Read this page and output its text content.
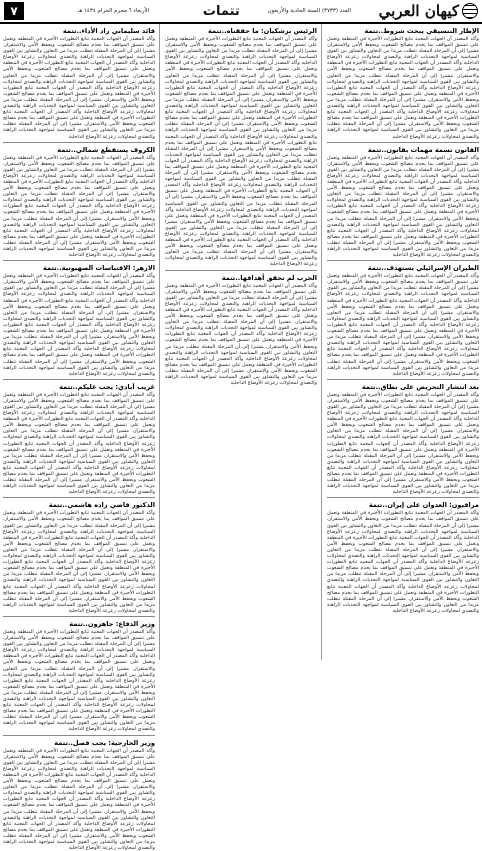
كيهان العربي
العدد (۳۷۳۳) السنة الحادية والأربعون
تتمات
الأربعاء ٦ محرم الحرام ١٤٣٤ هـ
۷
الإطار التنسيقي يبحث شروط..تتمة

وأكد المصدر أن الجهات المعنية تتابع التطورات الأخيرة في المنطقة وتعمل على تنسيق المواقف بما يخدم مصالح الشعوب ويحفظ الأمن والاستقرار، مشيرا إلى أن المرحلة المقبلة تتطلب مزيدا من التعاون والتشاور بين القوى السياسية لمواجهة التحديات الراهنة والتصدي لمحاولات زعزعة الأوضاع الداخلية وأكد المصدر أن الجهات المعنية تتابع التطورات الأخيرة في المنطقة وتعمل على تنسيق المواقف بما يخدم مصالح الشعوب ويحفظ الأمن والاستقرار، مشيرا إلى أن المرحلة المقبلة تتطلب مزيدا من التعاون والتشاور بين القوى السياسية لمواجهة التحديات الراهنة والتصدي لمحاولات زعزعة الأوضاع الداخلية وأكد المصدر أن الجهات المعنية تتابع التطورات الأخيرة في المنطقة وتعمل على تنسيق المواقف بما يخدم مصالح الشعوب ويحفظ الأمن والاستقرار، مشيرا إلى أن المرحلة المقبلة تتطلب مزيدا من التعاون والتشاور بين القوى السياسية لمواجهة التحديات الراهنة والتصدي لمحاولات زعزعة الأوضاع الداخلية وأكد المصدر أن الجهات المعنية تتابع التطورات الأخيرة في المنطقة وتعمل على تنسيق المواقف بما يخدم مصالح الشعوب ويحفظ الأمن والاستقرار، مشيرا إلى أن المرحلة المقبلة تتطلب مزيدا من التعاون والتشاور بين القوى السياسية لمواجهة التحديات الراهنة والتصدي لمحاولات زعزعة الأوضاع الداخلية

القانون تسمة مهمات بقانون..تتمة

وأكد المصدر أن الجهات المعنية تتابع التطورات الأخيرة في المنطقة وتعمل على تنسيق المواقف بما يخدم مصالح الشعوب ويحفظ الأمن والاستقرار، مشيرا إلى أن المرحلة المقبلة تتطلب مزيدا من التعاون والتشاور بين القوى السياسية لمواجهة التحديات الراهنة والتصدي لمحاولات زعزعة الأوضاع الداخلية وأكد المصدر أن الجهات المعنية تتابع التطورات الأخيرة في المنطقة وتعمل على تنسيق المواقف بما يخدم مصالح الشعوب ويحفظ الأمن والاستقرار، مشيرا إلى أن المرحلة المقبلة تتطلب مزيدا من التعاون والتشاور بين القوى السياسية لمواجهة التحديات الراهنة والتصدي لمحاولات زعزعة الأوضاع الداخلية وأكد المصدر أن الجهات المعنية تتابع التطورات الأخيرة في المنطقة وتعمل على تنسيق المواقف بما يخدم مصالح الشعوب ويحفظ الأمن والاستقرار، مشيرا إلى أن المرحلة المقبلة تتطلب مزيدا من التعاون والتشاور بين القوى السياسية لمواجهة التحديات الراهنة والتصدي لمحاولات زعزعة الأوضاع الداخلية وأكد المصدر أن الجهات المعنية تتابع التطورات الأخيرة في المنطقة وتعمل على تنسيق المواقف بما يخدم مصالح الشعوب ويحفظ الأمن والاستقرار، مشيرا إلى أن المرحلة المقبلة تتطلب مزيدا من التعاون والتشاور بين القوى السياسية لمواجهة التحديات الراهنة والتصدي لمحاولات زعزعة الأوضاع الداخلية

الطيران الإسرائيلي يستهدف..تتمة

وأكد المصدر أن الجهات المعنية تتابع التطورات الأخيرة في المنطقة وتعمل على تنسيق المواقف بما يخدم مصالح الشعوب ويحفظ الأمن والاستقرار، مشيرا إلى أن المرحلة المقبلة تتطلب مزيدا من التعاون والتشاور بين القوى السياسية لمواجهة التحديات الراهنة والتصدي لمحاولات زعزعة الأوضاع الداخلية وأكد المصدر أن الجهات المعنية تتابع التطورات الأخيرة في المنطقة وتعمل على تنسيق المواقف بما يخدم مصالح الشعوب ويحفظ الأمن والاستقرار، مشيرا إلى أن المرحلة المقبلة تتطلب مزيدا من التعاون والتشاور بين القوى السياسية لمواجهة التحديات الراهنة والتصدي لمحاولات زعزعة الأوضاع الداخلية وأكد المصدر أن الجهات المعنية تتابع التطورات الأخيرة في المنطقة وتعمل على تنسيق المواقف بما يخدم مصالح الشعوب ويحفظ الأمن والاستقرار، مشيرا إلى أن المرحلة المقبلة تتطلب مزيدا من التعاون والتشاور بين القوى السياسية لمواجهة التحديات الراهنة والتصدي لمحاولات زعزعة الأوضاع الداخلية وأكد المصدر أن الجهات المعنية تتابع التطورات الأخيرة في المنطقة وتعمل على تنسيق المواقف بما يخدم مصالح الشعوب ويحفظ الأمن والاستقرار، مشيرا إلى أن المرحلة المقبلة تتطلب مزيدا من التعاون والتشاور بين القوى السياسية لمواجهة التحديات الراهنة والتصدي لمحاولات زعزعة الأوضاع الداخلية

بعد انتشار التحريض على نطاق..تتمة

وأكد المصدر أن الجهات المعنية تتابع التطورات الأخيرة في المنطقة وتعمل على تنسيق المواقف بما يخدم مصالح الشعوب ويحفظ الأمن والاستقرار، مشيرا إلى أن المرحلة المقبلة تتطلب مزيدا من التعاون والتشاور بين القوى السياسية لمواجهة التحديات الراهنة والتصدي لمحاولات زعزعة الأوضاع الداخلية وأكد المصدر أن الجهات المعنية تتابع التطورات الأخيرة في المنطقة وتعمل على تنسيق المواقف بما يخدم مصالح الشعوب ويحفظ الأمن والاستقرار، مشيرا إلى أن المرحلة المقبلة تتطلب مزيدا من التعاون والتشاور بين القوى السياسية لمواجهة التحديات الراهنة والتصدي لمحاولات زعزعة الأوضاع الداخلية وأكد المصدر أن الجهات المعنية تتابع التطورات الأخيرة في المنطقة وتعمل على تنسيق المواقف بما يخدم مصالح الشعوب ويحفظ الأمن والاستقرار، مشيرا إلى أن المرحلة المقبلة تتطلب مزيدا من التعاون والتشاور بين القوى السياسية لمواجهة التحديات الراهنة والتصدي لمحاولات زعزعة الأوضاع الداخلية وأكد المصدر أن الجهات المعنية تتابع التطورات الأخيرة في المنطقة وتعمل على تنسيق المواقف بما يخدم مصالح الشعوب ويحفظ الأمن والاستقرار، مشيرا إلى أن المرحلة المقبلة تتطلب مزيدا من التعاون والتشاور بين القوى السياسية لمواجهة التحديات الراهنة والتصدي لمحاولات زعزعة الأوضاع الداخلية

مراقبون: العدوان على إيران..تتمة

وأكد المصدر أن الجهات المعنية تتابع التطورات الأخيرة في المنطقة وتعمل على تنسيق المواقف بما يخدم مصالح الشعوب ويحفظ الأمن والاستقرار، مشيرا إلى أن المرحلة المقبلة تتطلب مزيدا من التعاون والتشاور بين القوى السياسية لمواجهة التحديات الراهنة والتصدي لمحاولات زعزعة الأوضاع الداخلية وأكد المصدر أن الجهات المعنية تتابع التطورات الأخيرة في المنطقة وتعمل على تنسيق المواقف بما يخدم مصالح الشعوب ويحفظ الأمن والاستقرار، مشيرا إلى أن المرحلة المقبلة تتطلب مزيدا من التعاون والتشاور بين القوى السياسية لمواجهة التحديات الراهنة والتصدي لمحاولات زعزعة الأوضاع الداخلية وأكد المصدر أن الجهات المعنية تتابع التطورات الأخيرة في المنطقة وتعمل على تنسيق المواقف بما يخدم مصالح الشعوب ويحفظ الأمن والاستقرار، مشيرا إلى أن المرحلة المقبلة تتطلب مزيدا من التعاون والتشاور بين القوى السياسية لمواجهة التحديات الراهنة والتصدي لمحاولات زعزعة الأوضاع الداخلية وأكد المصدر أن الجهات المعنية تتابع التطورات الأخيرة في المنطقة وتعمل على تنسيق المواقف بما يخدم مصالح الشعوب ويحفظ الأمن والاستقرار، مشيرا إلى أن المرحلة المقبلة تتطلب مزيدا من التعاون والتشاور بين القوى السياسية لمواجهة التحديات الراهنة والتصدي لمحاولات زعزعة الأوضاع الداخلية

الرئيس بزشكيان: ما حققناه..تتمة

وأكد المصدر أن الجهات المعنية تتابع التطورات الأخيرة في المنطقة وتعمل على تنسيق المواقف بما يخدم مصالح الشعوب ويحفظ الأمن والاستقرار، مشيرا إلى أن المرحلة المقبلة تتطلب مزيدا من التعاون والتشاور بين القوى السياسية لمواجهة التحديات الراهنة والتصدي لمحاولات زعزعة الأوضاع الداخلية وأكد المصدر أن الجهات المعنية تتابع التطورات الأخيرة في المنطقة وتعمل على تنسيق المواقف بما يخدم مصالح الشعوب ويحفظ الأمن والاستقرار، مشيرا إلى أن المرحلة المقبلة تتطلب مزيدا من التعاون والتشاور بين القوى السياسية لمواجهة التحديات الراهنة والتصدي لمحاولات زعزعة الأوضاع الداخلية وأكد المصدر أن الجهات المعنية تتابع التطورات الأخيرة في المنطقة وتعمل على تنسيق المواقف بما يخدم مصالح الشعوب ويحفظ الأمن والاستقرار، مشيرا إلى أن المرحلة المقبلة تتطلب مزيدا من التعاون والتشاور بين القوى السياسية لمواجهة التحديات الراهنة والتصدي لمحاولات زعزعة الأوضاع الداخلية وأكد المصدر أن الجهات المعنية تتابع التطورات الأخيرة في المنطقة وتعمل على تنسيق المواقف بما يخدم مصالح الشعوب ويحفظ الأمن والاستقرار، مشيرا إلى أن المرحلة المقبلة تتطلب مزيدا من التعاون والتشاور بين القوى السياسية لمواجهة التحديات الراهنة والتصدي لمحاولات زعزعة الأوضاع الداخلية وأكد المصدر أن الجهات المعنية تتابع التطورات الأخيرة في المنطقة وتعمل على تنسيق المواقف بما يخدم مصالح الشعوب ويحفظ الأمن والاستقرار، مشيرا إلى أن المرحلة المقبلة تتطلب مزيدا من التعاون والتشاور بين القوى السياسية لمواجهة التحديات الراهنة والتصدي لمحاولات زعزعة الأوضاع الداخلية وأكد المصدر أن الجهات المعنية تتابع التطورات الأخيرة في المنطقة وتعمل على تنسيق المواقف بما يخدم مصالح الشعوب ويحفظ الأمن والاستقرار، مشيرا إلى أن المرحلة المقبلة تتطلب مزيدا من التعاون والتشاور بين القوى السياسية لمواجهة التحديات الراهنة والتصدي لمحاولات زعزعة الأوضاع الداخلية وأكد المصدر أن الجهات المعنية تتابع التطورات الأخيرة في المنطقة وتعمل على تنسيق المواقف بما يخدم مصالح الشعوب ويحفظ الأمن والاستقرار، مشيرا إلى أن المرحلة المقبلة تتطلب مزيدا من التعاون والتشاور بين القوى السياسية لمواجهة التحديات الراهنة والتصدي لمحاولات زعزعة الأوضاع الداخلية وأكد المصدر أن الجهات المعنية تتابع التطورات الأخيرة في المنطقة وتعمل على تنسيق المواقف بما يخدم مصالح الشعوب ويحفظ الأمن والاستقرار، مشيرا إلى أن المرحلة المقبلة تتطلب مزيدا من التعاون والتشاور بين القوى السياسية لمواجهة التحديات الراهنة والتصدي لمحاولات زعزعة الأوضاع الداخلية وأكد المصدر أن الجهات المعنية تتابع التطورات الأخيرة في المنطقة وتعمل على تنسيق المواقف بما يخدم مصالح الشعوب ويحفظ الأمن والاستقرار، مشيرا إلى أن المرحلة المقبلة تتطلب مزيدا من التعاون والتشاور بين القوى السياسية لمواجهة التحديات الراهنة والتصدي لمحاولات زعزعة الأوضاع الداخلية

الحرب لم تحقق أهدافها..تتمة

وأكد المصدر أن الجهات المعنية تتابع التطورات الأخيرة في المنطقة وتعمل على تنسيق المواقف بما يخدم مصالح الشعوب ويحفظ الأمن والاستقرار، مشيرا إلى أن المرحلة المقبلة تتطلب مزيدا من التعاون والتشاور بين القوى السياسية لمواجهة التحديات الراهنة والتصدي لمحاولات زعزعة الأوضاع الداخلية وأكد المصدر أن الجهات المعنية تتابع التطورات الأخيرة في المنطقة وتعمل على تنسيق المواقف بما يخدم مصالح الشعوب ويحفظ الأمن والاستقرار، مشيرا إلى أن المرحلة المقبلة تتطلب مزيدا من التعاون والتشاور بين القوى السياسية لمواجهة التحديات الراهنة والتصدي لمحاولات زعزعة الأوضاع الداخلية وأكد المصدر أن الجهات المعنية تتابع التطورات الأخيرة في المنطقة وتعمل على تنسيق المواقف بما يخدم مصالح الشعوب ويحفظ الأمن والاستقرار، مشيرا إلى أن المرحلة المقبلة تتطلب مزيدا من التعاون والتشاور بين القوى السياسية لمواجهة التحديات الراهنة والتصدي لمحاولات زعزعة الأوضاع الداخلية وأكد المصدر أن الجهات المعنية تتابع التطورات الأخيرة في المنطقة وتعمل على تنسيق المواقف بما يخدم مصالح الشعوب ويحفظ الأمن والاستقرار، مشيرا إلى أن المرحلة المقبلة تتطلب مزيدا من التعاون والتشاور بين القوى السياسية لمواجهة التحديات الراهنة والتصدي لمحاولات زعزعة الأوضاع الداخلية

قائد سليماني زاد الأداء..تتمة

وأكد المصدر أن الجهات المعنية تتابع التطورات الأخيرة في المنطقة وتعمل على تنسيق المواقف بما يخدم مصالح الشعوب ويحفظ الأمن والاستقرار، مشيرا إلى أن المرحلة المقبلة تتطلب مزيدا من التعاون والتشاور بين القوى السياسية لمواجهة التحديات الراهنة والتصدي لمحاولات زعزعة الأوضاع الداخلية وأكد المصدر أن الجهات المعنية تتابع التطورات الأخيرة في المنطقة وتعمل على تنسيق المواقف بما يخدم مصالح الشعوب ويحفظ الأمن والاستقرار، مشيرا إلى أن المرحلة المقبلة تتطلب مزيدا من التعاون والتشاور بين القوى السياسية لمواجهة التحديات الراهنة والتصدي لمحاولات زعزعة الأوضاع الداخلية وأكد المصدر أن الجهات المعنية تتابع التطورات الأخيرة في المنطقة وتعمل على تنسيق المواقف بما يخدم مصالح الشعوب ويحفظ الأمن والاستقرار، مشيرا إلى أن المرحلة المقبلة تتطلب مزيدا من التعاون والتشاور بين القوى السياسية لمواجهة التحديات الراهنة والتصدي لمحاولات زعزعة الأوضاع الداخلية وأكد المصدر أن الجهات المعنية تتابع التطورات الأخيرة في المنطقة وتعمل على تنسيق المواقف بما يخدم مصالح الشعوب ويحفظ الأمن والاستقرار، مشيرا إلى أن المرحلة المقبلة تتطلب مزيدا من التعاون والتشاور بين القوى السياسية لمواجهة التحديات الراهنة والتصدي لمحاولات زعزعة الأوضاع الداخلية

الكروف يستقطع شمالي..تتمة

وأكد المصدر أن الجهات المعنية تتابع التطورات الأخيرة في المنطقة وتعمل على تنسيق المواقف بما يخدم مصالح الشعوب ويحفظ الأمن والاستقرار، مشيرا إلى أن المرحلة المقبلة تتطلب مزيدا من التعاون والتشاور بين القوى السياسية لمواجهة التحديات الراهنة والتصدي لمحاولات زعزعة الأوضاع الداخلية وأكد المصدر أن الجهات المعنية تتابع التطورات الأخيرة في المنطقة وتعمل على تنسيق المواقف بما يخدم مصالح الشعوب ويحفظ الأمن والاستقرار، مشيرا إلى أن المرحلة المقبلة تتطلب مزيدا من التعاون والتشاور بين القوى السياسية لمواجهة التحديات الراهنة والتصدي لمحاولات زعزعة الأوضاع الداخلية وأكد المصدر أن الجهات المعنية تتابع التطورات الأخيرة في المنطقة وتعمل على تنسيق المواقف بما يخدم مصالح الشعوب ويحفظ الأمن والاستقرار، مشيرا إلى أن المرحلة المقبلة تتطلب مزيدا من التعاون والتشاور بين القوى السياسية لمواجهة التحديات الراهنة والتصدي لمحاولات زعزعة الأوضاع الداخلية وأكد المصدر أن الجهات المعنية تتابع التطورات الأخيرة في المنطقة وتعمل على تنسيق المواقف بما يخدم مصالح الشعوب ويحفظ الأمن والاستقرار، مشيرا إلى أن المرحلة المقبلة تتطلب مزيدا من التعاون والتشاور بين القوى السياسية لمواجهة التحديات الراهنة والتصدي لمحاولات زعزعة الأوضاع الداخلية

الازهر: الاقتباسات الصهيونية..تتمة

وأكد المصدر أن الجهات المعنية تتابع التطورات الأخيرة في المنطقة وتعمل على تنسيق المواقف بما يخدم مصالح الشعوب ويحفظ الأمن والاستقرار، مشيرا إلى أن المرحلة المقبلة تتطلب مزيدا من التعاون والتشاور بين القوى السياسية لمواجهة التحديات الراهنة والتصدي لمحاولات زعزعة الأوضاع الداخلية وأكد المصدر أن الجهات المعنية تتابع التطورات الأخيرة في المنطقة وتعمل على تنسيق المواقف بما يخدم مصالح الشعوب ويحفظ الأمن والاستقرار، مشيرا إلى أن المرحلة المقبلة تتطلب مزيدا من التعاون والتشاور بين القوى السياسية لمواجهة التحديات الراهنة والتصدي لمحاولات زعزعة الأوضاع الداخلية وأكد المصدر أن الجهات المعنية تتابع التطورات الأخيرة في المنطقة وتعمل على تنسيق المواقف بما يخدم مصالح الشعوب ويحفظ الأمن والاستقرار، مشيرا إلى أن المرحلة المقبلة تتطلب مزيدا من التعاون والتشاور بين القوى السياسية لمواجهة التحديات الراهنة والتصدي لمحاولات زعزعة الأوضاع الداخلية وأكد المصدر أن الجهات المعنية تتابع التطورات الأخيرة في المنطقة وتعمل على تنسيق المواقف بما يخدم مصالح الشعوب ويحفظ الأمن والاستقرار، مشيرا إلى أن المرحلة المقبلة تتطلب مزيدا من التعاون والتشاور بين القوى السياسية لمواجهة التحديات الراهنة والتصدي لمحاولات زعزعة الأوضاع الداخلية

غريب آبادي: يجب عليكم..تتمة

وأكد المصدر أن الجهات المعنية تتابع التطورات الأخيرة في المنطقة وتعمل على تنسيق المواقف بما يخدم مصالح الشعوب ويحفظ الأمن والاستقرار، مشيرا إلى أن المرحلة المقبلة تتطلب مزيدا من التعاون والتشاور بين القوى السياسية لمواجهة التحديات الراهنة والتصدي لمحاولات زعزعة الأوضاع الداخلية وأكد المصدر أن الجهات المعنية تتابع التطورات الأخيرة في المنطقة وتعمل على تنسيق المواقف بما يخدم مصالح الشعوب ويحفظ الأمن والاستقرار، مشيرا إلى أن المرحلة المقبلة تتطلب مزيدا من التعاون والتشاور بين القوى السياسية لمواجهة التحديات الراهنة والتصدي لمحاولات زعزعة الأوضاع الداخلية وأكد المصدر أن الجهات المعنية تتابع التطورات الأخيرة في المنطقة وتعمل على تنسيق المواقف بما يخدم مصالح الشعوب ويحفظ الأمن والاستقرار، مشيرا إلى أن المرحلة المقبلة تتطلب مزيدا من التعاون والتشاور بين القوى السياسية لمواجهة التحديات الراهنة والتصدي لمحاولات زعزعة الأوضاع الداخلية وأكد المصدر أن الجهات المعنية تتابع التطورات الأخيرة في المنطقة وتعمل على تنسيق المواقف بما يخدم مصالح الشعوب ويحفظ الأمن والاستقرار، مشيرا إلى أن المرحلة المقبلة تتطلب مزيدا من التعاون والتشاور بين القوى السياسية لمواجهة التحديات الراهنة والتصدي لمحاولات زعزعة الأوضاع الداخلية

الدكتور قاضي زاده هاشمي..تتمة

وأكد المصدر أن الجهات المعنية تتابع التطورات الأخيرة في المنطقة وتعمل على تنسيق المواقف بما يخدم مصالح الشعوب ويحفظ الأمن والاستقرار، مشيرا إلى أن المرحلة المقبلة تتطلب مزيدا من التعاون والتشاور بين القوى السياسية لمواجهة التحديات الراهنة والتصدي لمحاولات زعزعة الأوضاع الداخلية وأكد المصدر أن الجهات المعنية تتابع التطورات الأخيرة في المنطقة وتعمل على تنسيق المواقف بما يخدم مصالح الشعوب ويحفظ الأمن والاستقرار، مشيرا إلى أن المرحلة المقبلة تتطلب مزيدا من التعاون والتشاور بين القوى السياسية لمواجهة التحديات الراهنة والتصدي لمحاولات زعزعة الأوضاع الداخلية وأكد المصدر أن الجهات المعنية تتابع التطورات الأخيرة في المنطقة وتعمل على تنسيق المواقف بما يخدم مصالح الشعوب ويحفظ الأمن والاستقرار، مشيرا إلى أن المرحلة المقبلة تتطلب مزيدا من التعاون والتشاور بين القوى السياسية لمواجهة التحديات الراهنة والتصدي لمحاولات زعزعة الأوضاع الداخلية وأكد المصدر أن الجهات المعنية تتابع التطورات الأخيرة في المنطقة وتعمل على تنسيق المواقف بما يخدم مصالح الشعوب ويحفظ الأمن والاستقرار، مشيرا إلى أن المرحلة المقبلة تتطلب مزيدا من التعاون والتشاور بين القوى السياسية لمواجهة التحديات الراهنة والتصدي لمحاولات زعزعة الأوضاع الداخلية

وزير الدفاع: جاهزون..تتمة

وأكد المصدر أن الجهات المعنية تتابع التطورات الأخيرة في المنطقة وتعمل على تنسيق المواقف بما يخدم مصالح الشعوب ويحفظ الأمن والاستقرار، مشيرا إلى أن المرحلة المقبلة تتطلب مزيدا من التعاون والتشاور بين القوى السياسية لمواجهة التحديات الراهنة والتصدي لمحاولات زعزعة الأوضاع الداخلية وأكد المصدر أن الجهات المعنية تتابع التطورات الأخيرة في المنطقة وتعمل على تنسيق المواقف بما يخدم مصالح الشعوب ويحفظ الأمن والاستقرار، مشيرا إلى أن المرحلة المقبلة تتطلب مزيدا من التعاون والتشاور بين القوى السياسية لمواجهة التحديات الراهنة والتصدي لمحاولات زعزعة الأوضاع الداخلية وأكد المصدر أن الجهات المعنية تتابع التطورات الأخيرة في المنطقة وتعمل على تنسيق المواقف بما يخدم مصالح الشعوب ويحفظ الأمن والاستقرار، مشيرا إلى أن المرحلة المقبلة تتطلب مزيدا من التعاون والتشاور بين القوى السياسية لمواجهة التحديات الراهنة والتصدي لمحاولات زعزعة الأوضاع الداخلية وأكد المصدر أن الجهات المعنية تتابع التطورات الأخيرة في المنطقة وتعمل على تنسيق المواقف بما يخدم مصالح الشعوب ويحفظ الأمن والاستقرار، مشيرا إلى أن المرحلة المقبلة تتطلب مزيدا من التعاون والتشاور بين القوى السياسية لمواجهة التحديات الراهنة والتصدي لمحاولات زعزعة الأوضاع الداخلية

وزير الخارجية: يجب فصل..تتمة

وأكد المصدر أن الجهات المعنية تتابع التطورات الأخيرة في المنطقة وتعمل على تنسيق المواقف بما يخدم مصالح الشعوب ويحفظ الأمن والاستقرار، مشيرا إلى أن المرحلة المقبلة تتطلب مزيدا من التعاون والتشاور بين القوى السياسية لمواجهة التحديات الراهنة والتصدي لمحاولات زعزعة الأوضاع الداخلية وأكد المصدر أن الجهات المعنية تتابع التطورات الأخيرة في المنطقة وتعمل على تنسيق المواقف بما يخدم مصالح الشعوب ويحفظ الأمن والاستقرار، مشيرا إلى أن المرحلة المقبلة تتطلب مزيدا من التعاون والتشاور بين القوى السياسية لمواجهة التحديات الراهنة والتصدي لمحاولات زعزعة الأوضاع الداخلية وأكد المصدر أن الجهات المعنية تتابع التطورات الأخيرة في المنطقة وتعمل على تنسيق المواقف بما يخدم مصالح الشعوب ويحفظ الأمن والاستقرار، مشيرا إلى أن المرحلة المقبلة تتطلب مزيدا من التعاون والتشاور بين القوى السياسية لمواجهة التحديات الراهنة والتصدي لمحاولات زعزعة الأوضاع الداخلية وأكد المصدر أن الجهات المعنية تتابع التطورات الأخيرة في المنطقة وتعمل على تنسيق المواقف بما يخدم مصالح الشعوب ويحفظ الأمن والاستقرار، مشيرا إلى أن المرحلة المقبلة تتطلب مزيدا من التعاون والتشاور بين القوى السياسية لمواجهة التحديات الراهنة والتصدي لمحاولات زعزعة الأوضاع الداخلية
